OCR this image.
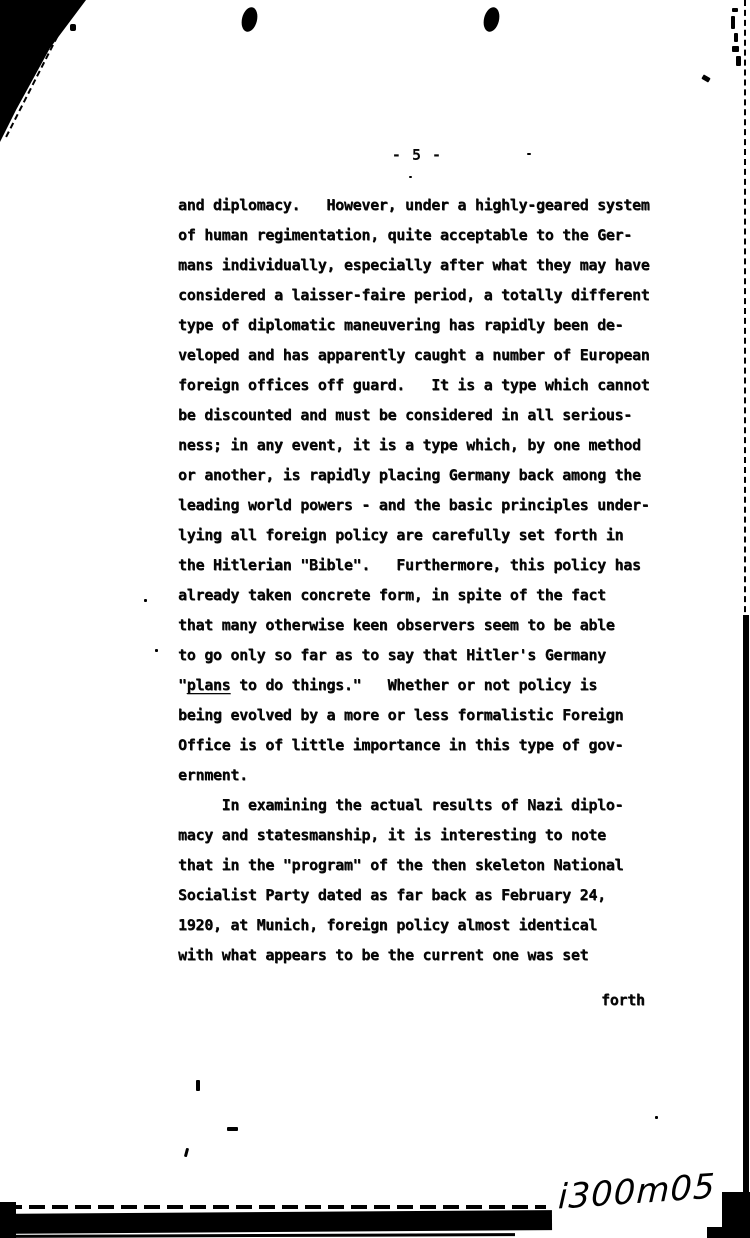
- 5 -
and diplomacy.   However, under a highly-geared system
of human regimentation, quite acceptable to the Ger-
mans individually, especially after what they may have
considered a laisser-faire period, a totally different
type of diplomatic maneuvering has rapidly been de-
veloped and has apparently caught a number of European
foreign offices off guard.   It is a type which cannot
be discounted and must be considered in all serious-
ness; in any event, it is a type which, by one method
or another, is rapidly placing Germany back among the
leading world powers - and the basic principles under-
lying all foreign policy are carefully set forth in
the Hitlerian "Bible".   Furthermore, this policy has
already taken concrete form, in spite of the fact
that many otherwise keen observers seem to be able
to go only so far as to say that Hitler's Germany
"plans to do things."   Whether or not policy is
being evolved by a more or less formalistic Foreign
Office is of little importance in this type of gov-
ernment.
In examining the actual results of Nazi diplo-
macy and statesmanship, it is interesting to note
that in the "program" of the then skeleton National
Socialist Party dated as far back as February 24,
1920, at Munich, foreign policy almost identical
with what appears to be the current one was set
forth
i300m05
